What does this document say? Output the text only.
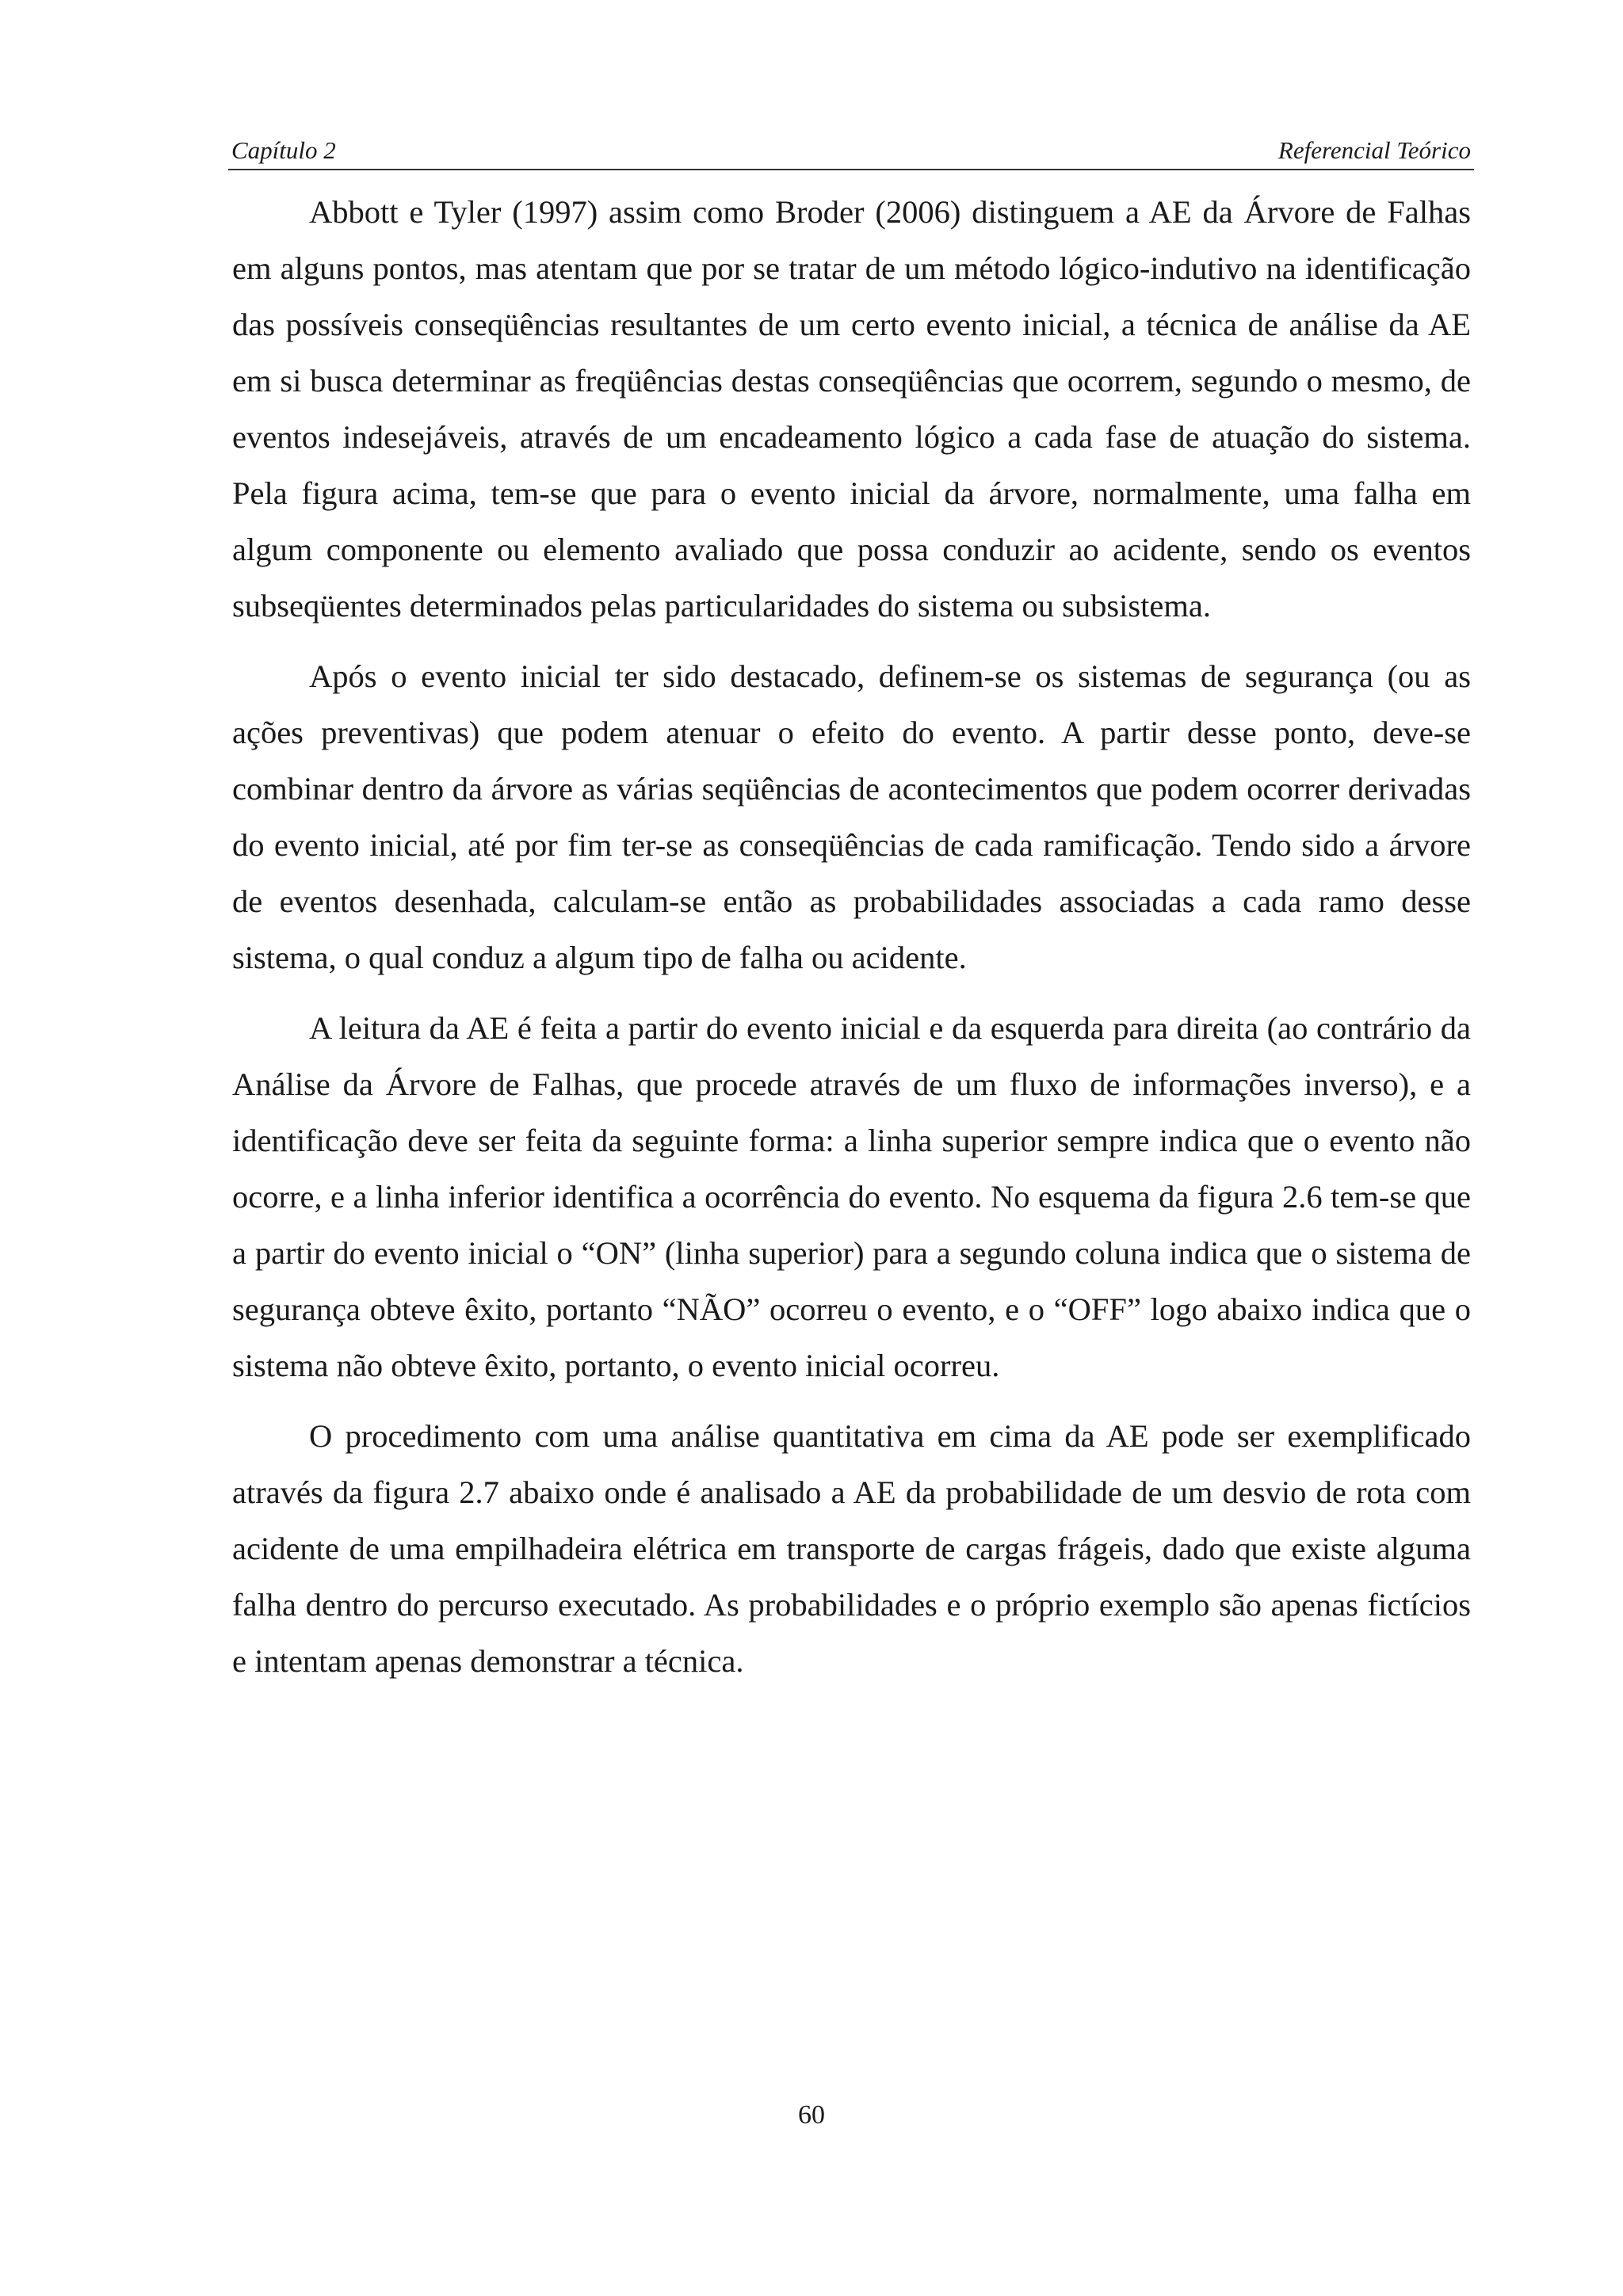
Capítulo 2	Referencial Teórico

Abbott e Tyler (1997) assim como Broder (2006) distinguem a AE da Árvore de Falhas em alguns pontos, mas atentam que por se tratar de um método lógico-indutivo na identificação das possíveis conseqüências resultantes de um certo evento inicial, a técnica de análise da AE em si busca determinar as freqüências destas conseqüências que ocorrem, segundo o mesmo, de eventos indesejáveis, através de um encadeamento lógico a cada fase de atuação do sistema. Pela figura acima, tem-se que para o evento inicial da árvore, normalmente, uma falha em algum componente ou elemento avaliado que possa conduzir ao acidente, sendo os eventos subseqüentes determinados pelas particularidades do sistema ou subsistema.

Após o evento inicial ter sido destacado, definem-se os sistemas de segurança (ou as ações preventivas) que podem atenuar o efeito do evento. A partir desse ponto, deve-se combinar dentro da árvore as várias seqüências de acontecimentos que podem ocorrer derivadas do evento inicial, até por fim ter-se as conseqüências de cada ramificação. Tendo sido a árvore de eventos desenhada, calculam-se então as probabilidades associadas a cada ramo desse sistema, o qual conduz a algum tipo de falha ou acidente.

A leitura da AE é feita a partir do evento inicial e da esquerda para direita (ao contrário da Análise da Árvore de Falhas, que procede através de um fluxo de informações inverso), e a identificação deve ser feita da seguinte forma: a linha superior sempre indica que o evento não ocorre, e a linha inferior identifica a ocorrência do evento. No esquema da figura 2.6 tem-se que a partir do evento inicial o “ON” (linha superior) para a segundo coluna indica que o sistema de segurança obteve êxito, portanto “NÃO” ocorreu o evento, e o “OFF” logo abaixo indica que o sistema não obteve êxito, portanto, o evento inicial ocorreu.

O procedimento com uma análise quantitativa em cima da AE pode ser exemplificado através da figura 2.7 abaixo onde é analisado a AE da probabilidade de um desvio de rota com acidente de uma empilhadeira elétrica em transporte de cargas frágeis, dado que existe alguma falha dentro do percurso executado. As probabilidades e o próprio exemplo são apenas fictícios e intentam apenas demonstrar a técnica.

60
